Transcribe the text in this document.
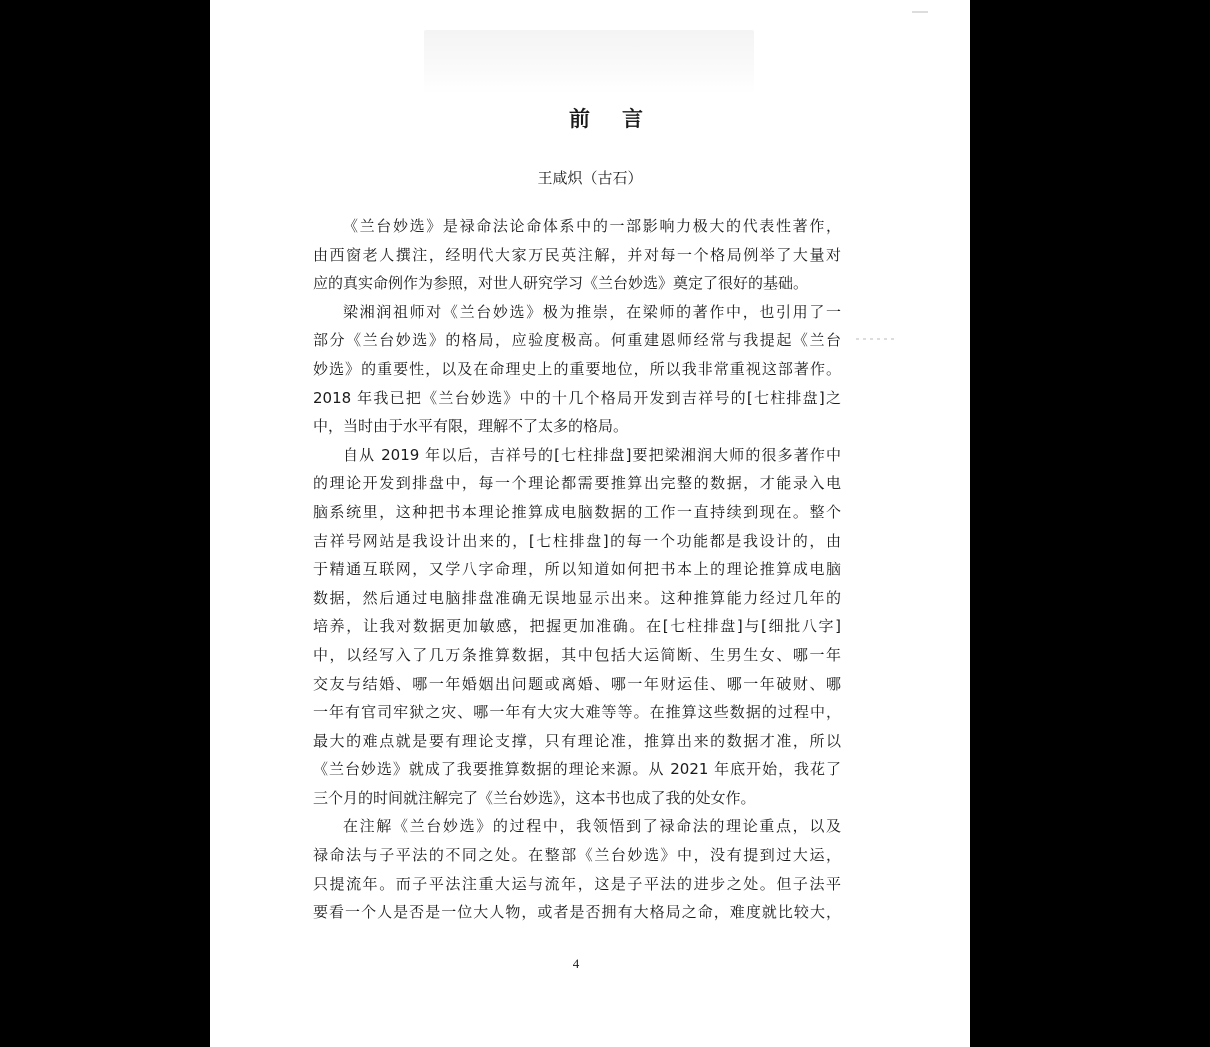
前言
王咸炽（古石）
《兰台妙选》是禄命法论命体系中的一部影响力极大的代表性著作，
由西窗老人撰注，经明代大家万民英注解，并对每一个格局例举了大量对
应的真实命例作为参照，对世人研究学习《兰台妙选》奠定了很好的基础。
梁湘润祖师对《兰台妙选》极为推崇，在梁师的著作中，也引用了一
部分《兰台妙选》的格局，应验度极高。何重建恩师经常与我提起《兰台
妙选》的重要性，以及在命理史上的重要地位，所以我非常重视这部著作。
2018 年我已把《兰台妙选》中的十几个格局开发到吉祥号的[七柱排盘]之
中，当时由于水平有限，理解不了太多的格局。
自从 2019 年以后，吉祥号的[七柱排盘]要把梁湘润大师的很多著作中
的理论开发到排盘中，每一个理论都需要推算出完整的数据，才能录入电
脑系统里，这种把书本理论推算成电脑数据的工作一直持续到现在。整个
吉祥号网站是我设计出来的，[七柱排盘]的每一个功能都是我设计的，由
于精通互联网，又学八字命理，所以知道如何把书本上的理论推算成电脑
数据，然后通过电脑排盘准确无误地显示出来。这种推算能力经过几年的
培养，让我对数据更加敏感，把握更加准确。在[七柱排盘]与[细批八字]
中，以经写入了几万条推算数据，其中包括大运简断、生男生女、哪一年
交友与结婚、哪一年婚姻出问题或离婚、哪一年财运佳、哪一年破财、哪
一年有官司牢狱之灾、哪一年有大灾大难等等。在推算这些数据的过程中，
最大的难点就是要有理论支撑，只有理论准，推算出来的数据才准，所以
《兰台妙选》就成了我要推算数据的理论来源。从 2021 年底开始，我花了
三个月的时间就注解完了《兰台妙选》，这本书也成了我的处女作。
在注解《兰台妙选》的过程中，我领悟到了禄命法的理论重点，以及
禄命法与子平法的不同之处。在整部《兰台妙选》中，没有提到过大运，
只提流年。而子平法注重大运与流年，这是子平法的进步之处。但子法平
要看一个人是否是一位大人物，或者是否拥有大格局之命，难度就比较大，
4
